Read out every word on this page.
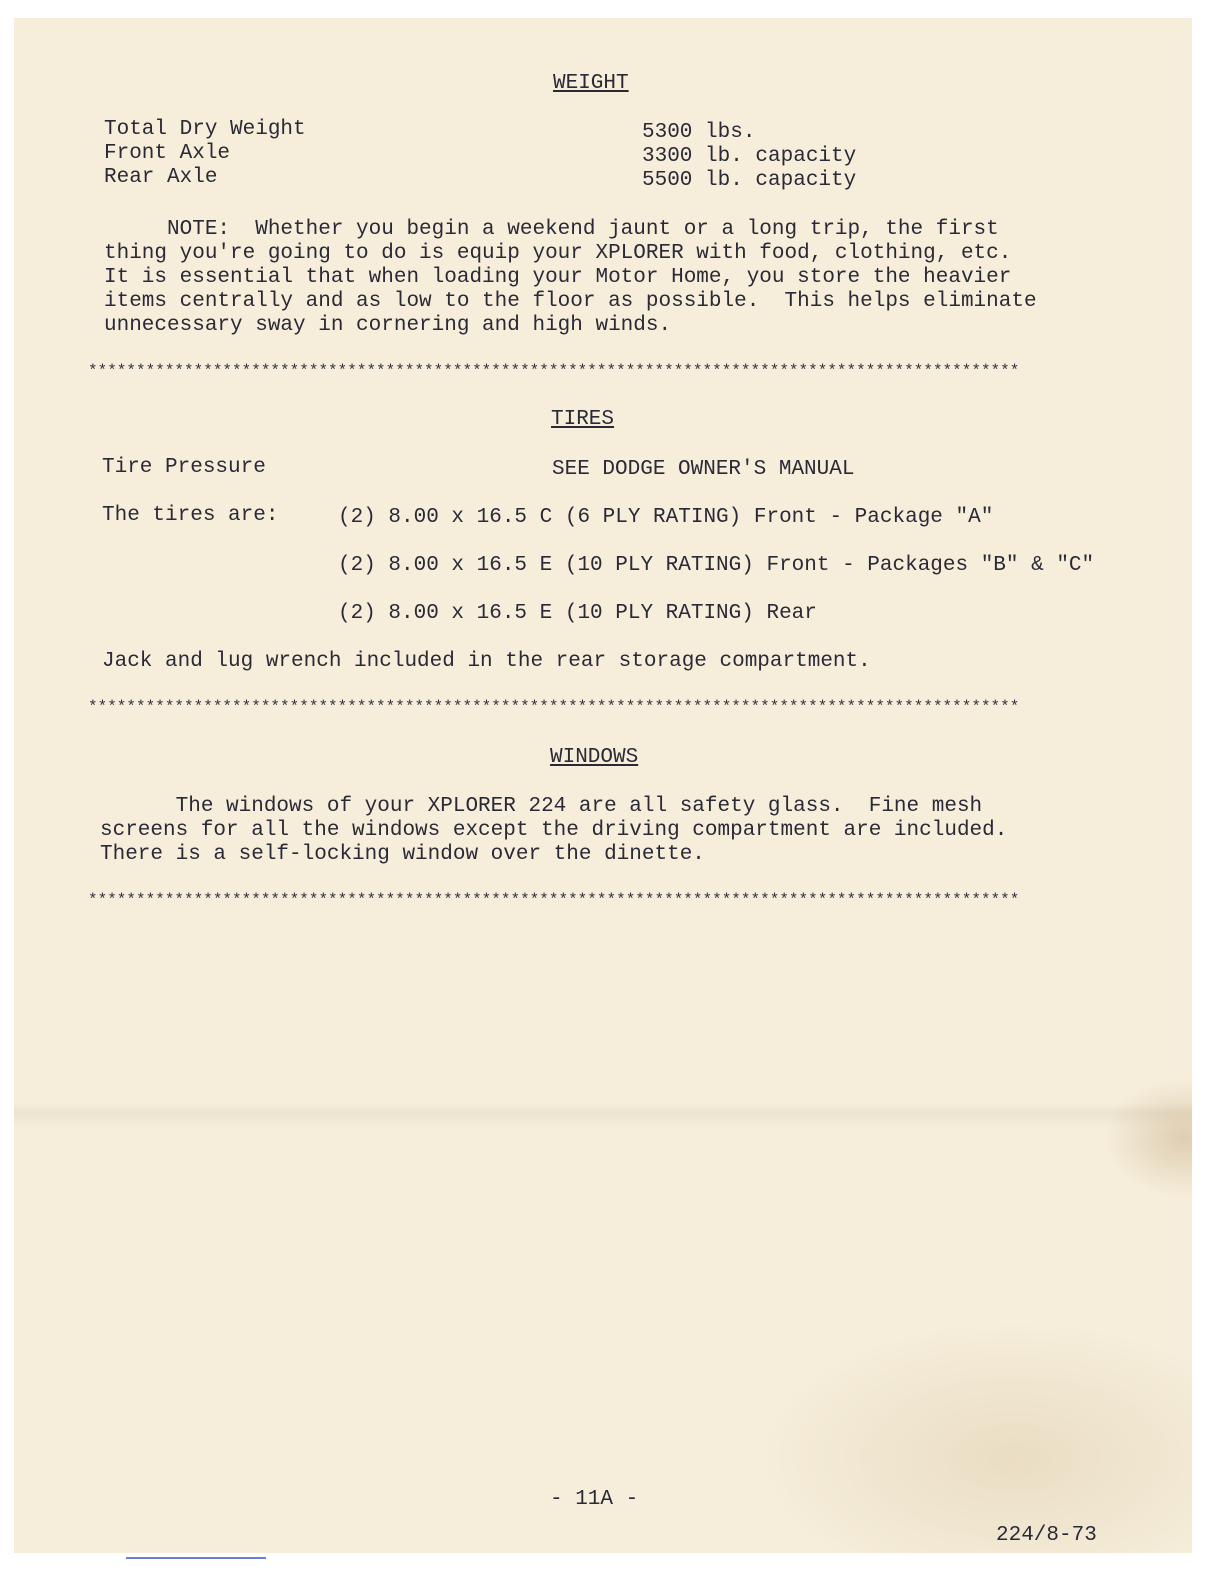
WEIGHT
Total Dry Weight	5300 lbs.
Front Axle	3300 lb. capacity
Rear Axle	5500 lb. capacity
NOTE:  Whether you begin a weekend jaunt or a long trip, the first
thing you're going to do is equip your XPLORER with food, clothing, etc.
It is essential that when loading your Motor Home, you store the heavier
items centrally and as low to the floor as possible.  This helps eliminate
unnecessary sway in cornering and high winds.
*************************************************************************************************
TIRES
Tire Pressure	SEE DODGE OWNER'S MANUAL
The tires are:	(2) 8.00 x 16.5 C (6 PLY RATING) Front - Package "A"
(2) 8.00 x 16.5 E (10 PLY RATING) Front - Packages "B" & "C"
(2) 8.00 x 16.5 E (10 PLY RATING) Rear
Jack and lug wrench included in the rear storage compartment.
*************************************************************************************************
WINDOWS
The windows of your XPLORER 224 are all safety glass.  Fine mesh
screens for all the windows except the driving compartment are included.
There is a self-locking window over the dinette.
*************************************************************************************************
- 11A -
224/8-73
